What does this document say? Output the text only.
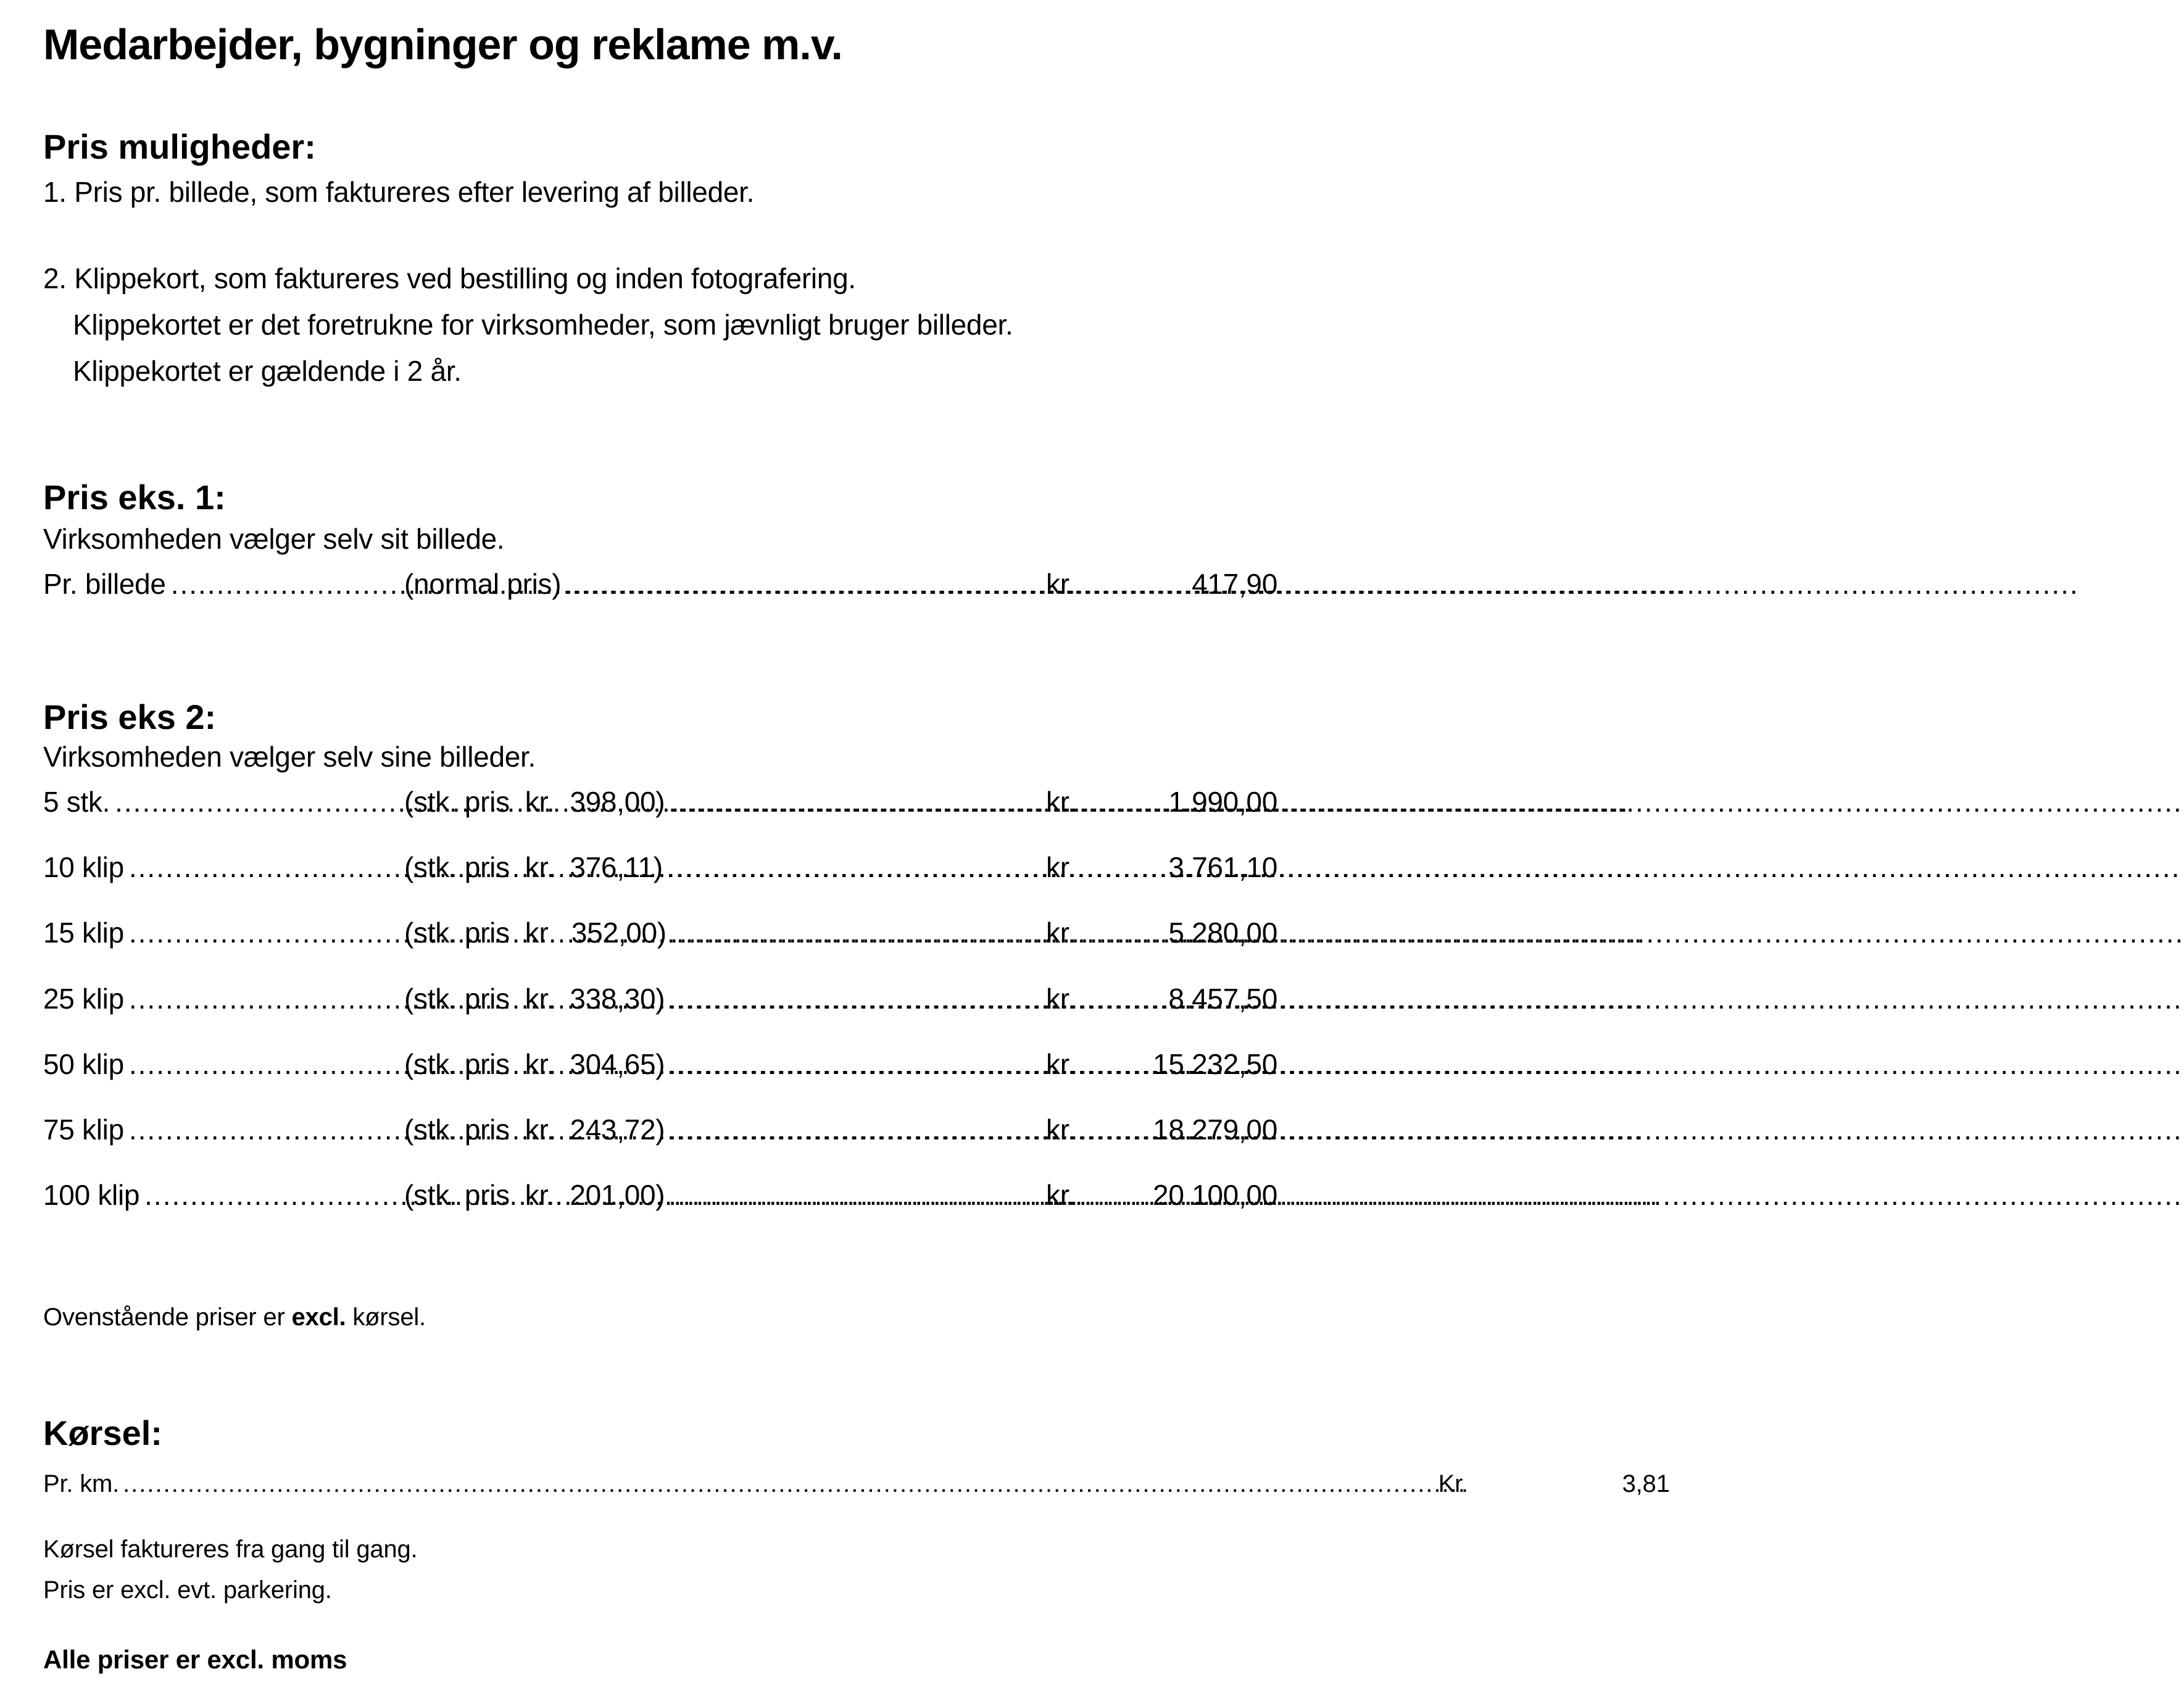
Medarbejder, bygninger og reklame m.v.
Pris muligheder:
1. Pris pr. billede, som faktureres efter levering af billeder.
2. Klippekort, som faktureres ved bestilling og inden fotografering.
Klippekortet er det foretrukne for virksomheder, som jævnligt bruger billeder.
Klippekortet er gældende i 2 år.
Pris eks. 1:
Virksomheden vælger selv sit billede.
Pr. billede .....	(normal pris) .....	kr.	417,90
Pris eks 2:
Virksomheden vælger selv sine billeder.
5 stk. .....	(stk. pris  kr.  398,00) .....	kr.	1.990,00
10 klip .....	(stk. pris  kr.  376,11) .....	kr.	3.761,10
15 klip .....	(stk. pris  kr   352,00) .....	kr.	5.280,00
25 klip .....	(stk. pris  kr.  338,30) .....	kr.	8.457,50
50 klip .....	(stk. pris  kr.  304,65) .....	kr.	15.232,50
75 klip .....	(stk. pris  kr.  243,72) .....	kr.	18.279,00
100 klip .....	(stk. pris  kr.  201,00) .....	kr.	20.100,00
Ovenstående priser er excl. kørsel.
Kørsel:
Pr. km. .....	Kr.	3,81
Kørsel faktureres fra gang til gang.
Pris er excl. evt. parkering.
Alle priser er excl. moms
